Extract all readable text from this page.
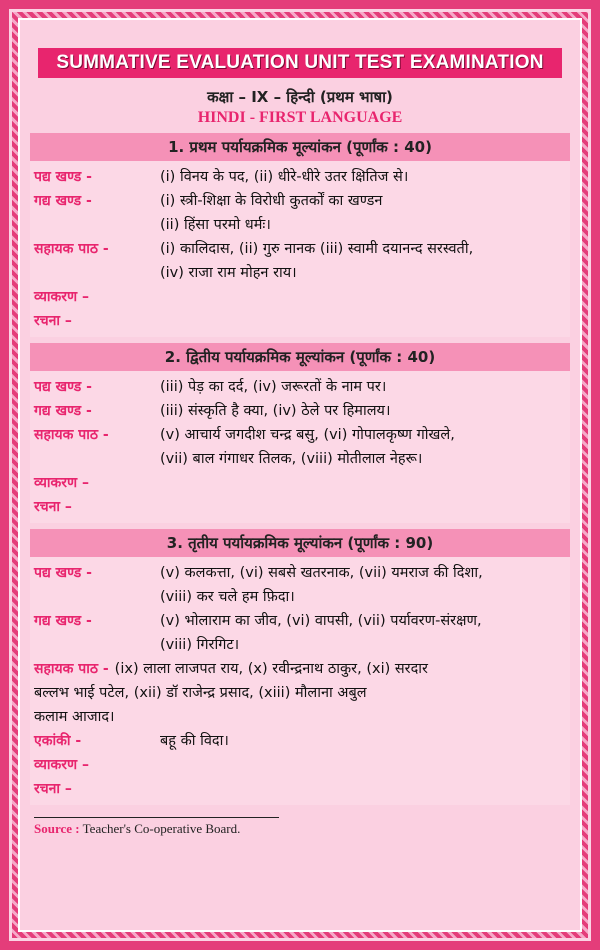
SUMMATIVE EVALUATION UNIT TEST EXAMINATION
कक्षा – IX – हिन्दी (प्रथम भाषा)
HINDI - FIRST LANGUAGE
1. प्रथम पर्यायक्रमिक मूल्यांकन (पूर्णांक : 40)
पद्य खण्ड -	(i) विनय के पद, (ii) धीरे-धीरे उतर क्षितिज से।
गद्य खण्ड -	(i) स्त्री-शिक्षा के विरोधी कुतर्कों का खण्डन
(ii) हिंसा परमो धर्मः।
सहायक पाठ -	(i) कालिदास, (ii) गुरु नानक (iii) स्वामी दयानन्द सरस्वती,
(iv) राजा राम मोहन राय।
व्याकरण –
रचना –
2. द्वितीय पर्यायक्रमिक मूल्यांकन (पूर्णांक : 40)
पद्य खण्ड -	(iii) पेड़ का दर्द, (iv) जरूरतों के नाम पर।
गद्य खण्ड -	(iii) संस्कृति है क्या, (iv) ठेले पर हिमालय।
सहायक पाठ -	(v) आचार्य जगदीश चन्द्र बसु, (vi) गोपालकृष्ण गोखले,
(vii) बाल गंगाधर तिलक, (viii) मोतीलाल नेहरू।
व्याकरण –
रचना –
3. तृतीय पर्यायक्रमिक मूल्यांकन (पूर्णांक : 90)
पद्य खण्ड -	(v) कलकत्ता, (vi) सबसे खतरनाक, (vii) यमराज की दिशा,
(viii) कर चले हम फ़िदा।
गद्य खण्ड -	(v) भोलाराम का जीव, (vi) वापसी, (vii) पर्यावरण-संरक्षण,
(viii) गिरगिट।
सहायक पाठ - (ix) लाला लाजपत राय, (x) रवीन्द्रनाथ ठाकुर, (xi) सरदार
बल्लभ भाई पटेल, (xii) डॉ राजेन्द्र प्रसाद, (xiii) मौलाना अबुल
कलाम आजाद।
एकांकी -	बहू की विदा।
व्याकरण –
रचना –
Source : Teacher's Co-operative Board.
